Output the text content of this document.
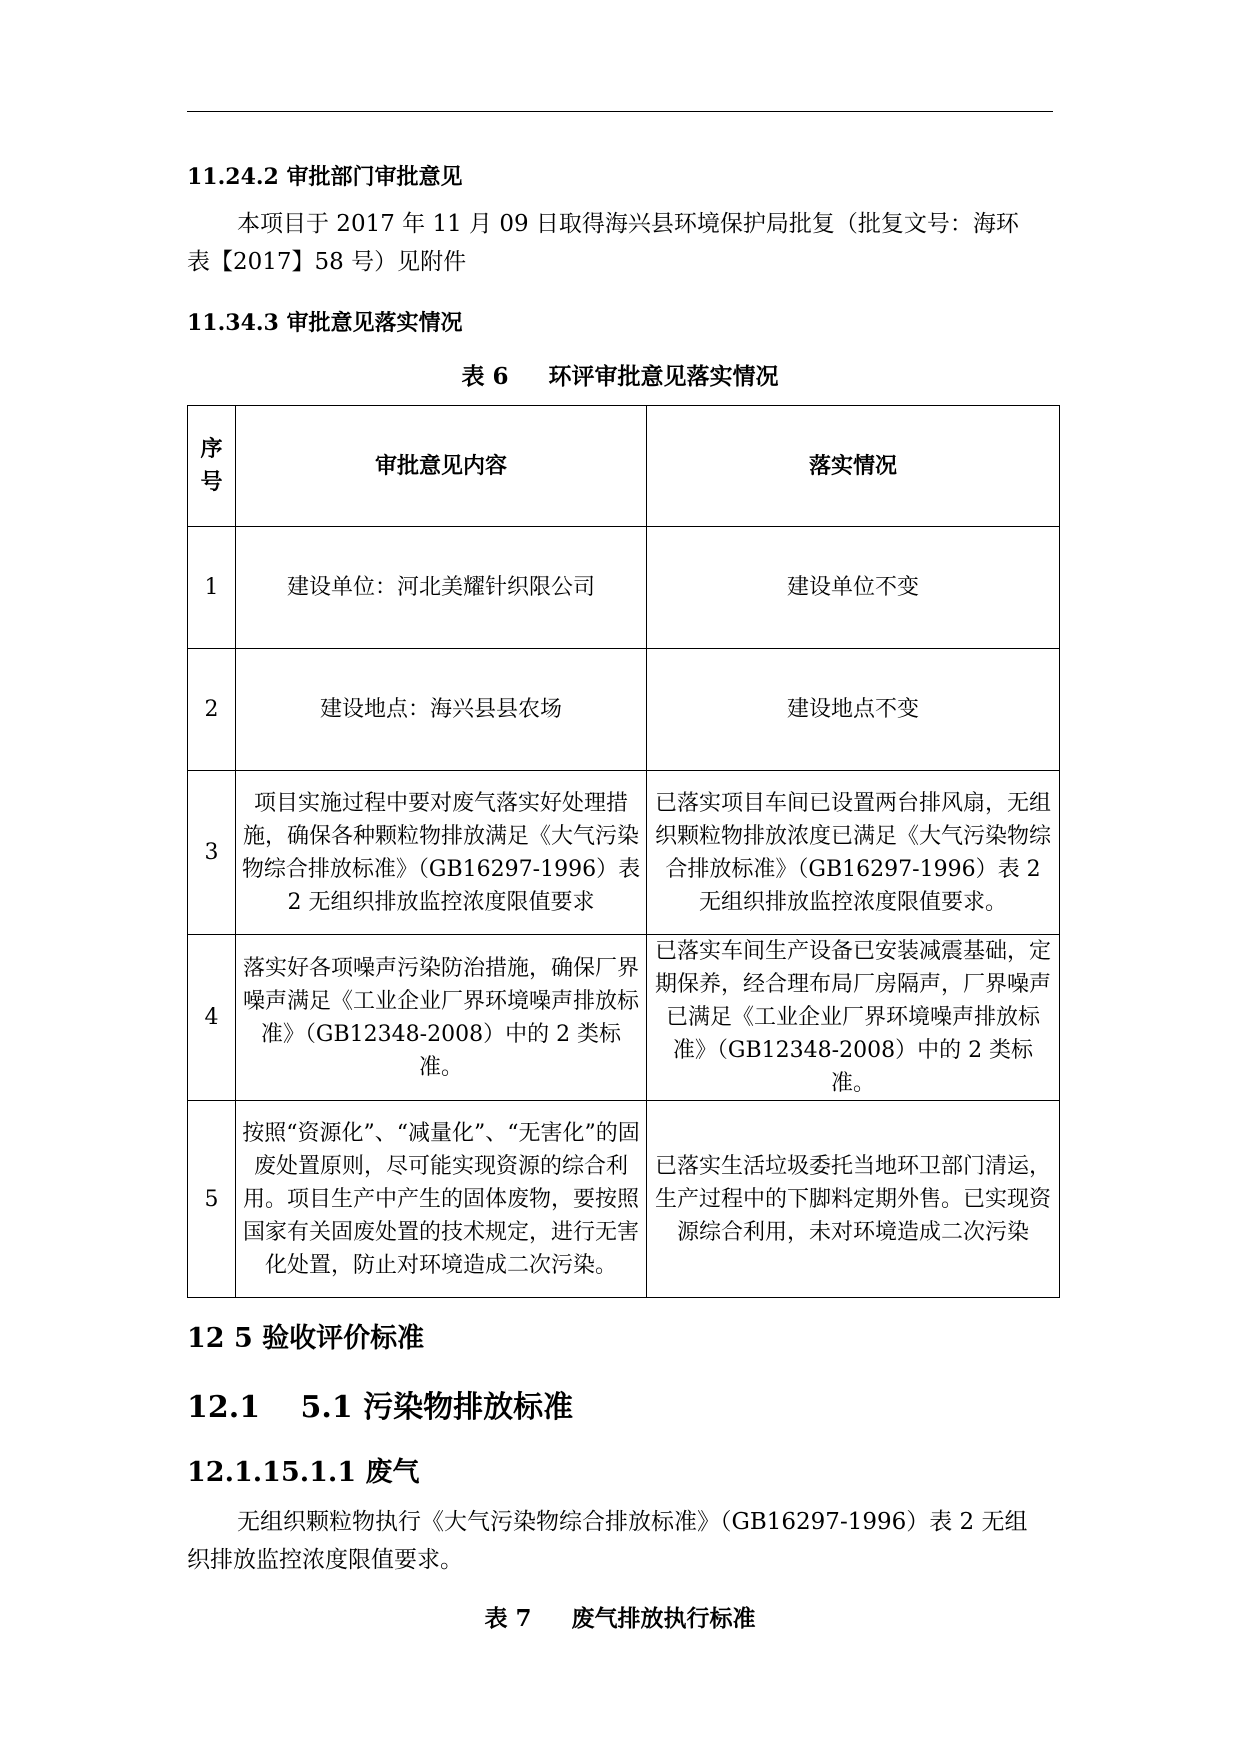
11.24.2 审批部门审批意见
本项目于 2017 年 11 月 09 日取得海兴县环境保护局批复（批复文号：海环
表【2017】58 号）见附件
11.34.3 审批意见落实情况
表 6 环评审批意见落实情况
序号	审批意见内容	落实情况
1	建设单位：河北美耀针织限公司	建设单位不变
2	建设地点：海兴县县农场	建设地点不变
3	项目实施过程中要对废气落实好处理措施，确保各种颗粒物排放满足《大气污染物综合排放标准》（GB16297-1996）表 2 无组织排放监控浓度限值要求	已落实项目车间已设置两台排风扇，无组织颗粒物排放浓度已满足《大气污染物综合排放标准》（GB16297-1996）表 2 无组织排放监控浓度限值要求。
4	落实好各项噪声污染防治措施，确保厂界噪声满足《工业企业厂界环境噪声排放标准》（GB12348-2008）中的 2 类标准。	已落实车间生产设备已安装减震基础，定期保养，经合理布局厂房隔声，厂界噪声已满足《工业企业厂界环境噪声排放标准》（GB12348-2008）中的 2 类标准。
5	按照“资源化”、“减量化”、“无害化”的固废处置原则，尽可能实现资源的综合利用。项目生产中产生的固体废物，要按照国家有关固废处置的技术规定，进行无害化处置，防止对环境造成二次污染。	已落实生活垃圾委托当地环卫部门清运，生产过程中的下脚料定期外售。已实现资源综合利用，未对环境造成二次污染
12 5 验收评价标准
12.1　 5.1 污染物排放标准
12.1.15.1.1 废气
无组织颗粒物执行《大气污染物综合排放标准》（GB16297-1996）表 2 无组
织排放监控浓度限值要求。
表 7 废气排放执行标准
